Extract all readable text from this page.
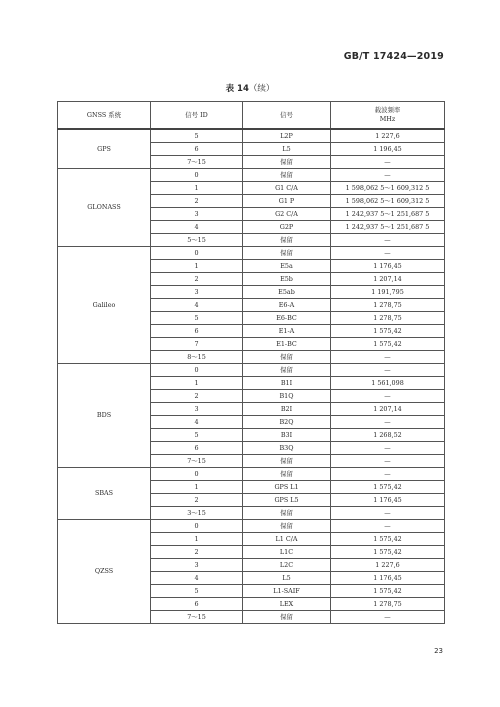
GB/T 17424—2019
表 14（续）
GNSS 系统	信号 ID	信号	载波频率
MHz
GPS	5	L2P	1 227,6
	6	L5	1 196,45
	7～15	保留	—
GLONASS	0	保留	—
	1	G1 C/A	1 598,062 5～1 609,312 5
	2	G1 P	1 598,062 5～1 609,312 5
	3	G2 C/A	1 242,937 5～1 251,687 5
	4	G2P	1 242,937 5～1 251,687 5
	5～15	保留	—
Galileo	0	保留	—
	1	E5a	1 176,45
	2	E5b	1 207,14
	3	E5ab	1 191,795
	4	E6-A	1 278,75
	5	E6-BC	1 278,75
	6	E1-A	1 575,42
	7	E1-BC	1 575,42
	8～15	保留	—
BDS	0	保留	—
	1	B1I	1 561,098
	2	B1Q	—
	3	B2I	1 207,14
	4	B2Q	—
	5	B3I	1 268,52
	6	B3Q	—
	7～15	保留	—
SBAS	0	保留	—
	1	GPS L1	1 575,42
	2	GPS L5	1 176,45
	3～15	保留	—
QZSS	0	保留	—
	1	L1 C/A	1 575,42
	2	L1C	1 575,42
	3	L2C	1 227,6
	4	L5	1 176,45
	5	L1-SAIF	1 575,42
	6	LEX	1 278,75
	7～15	保留	—
23
